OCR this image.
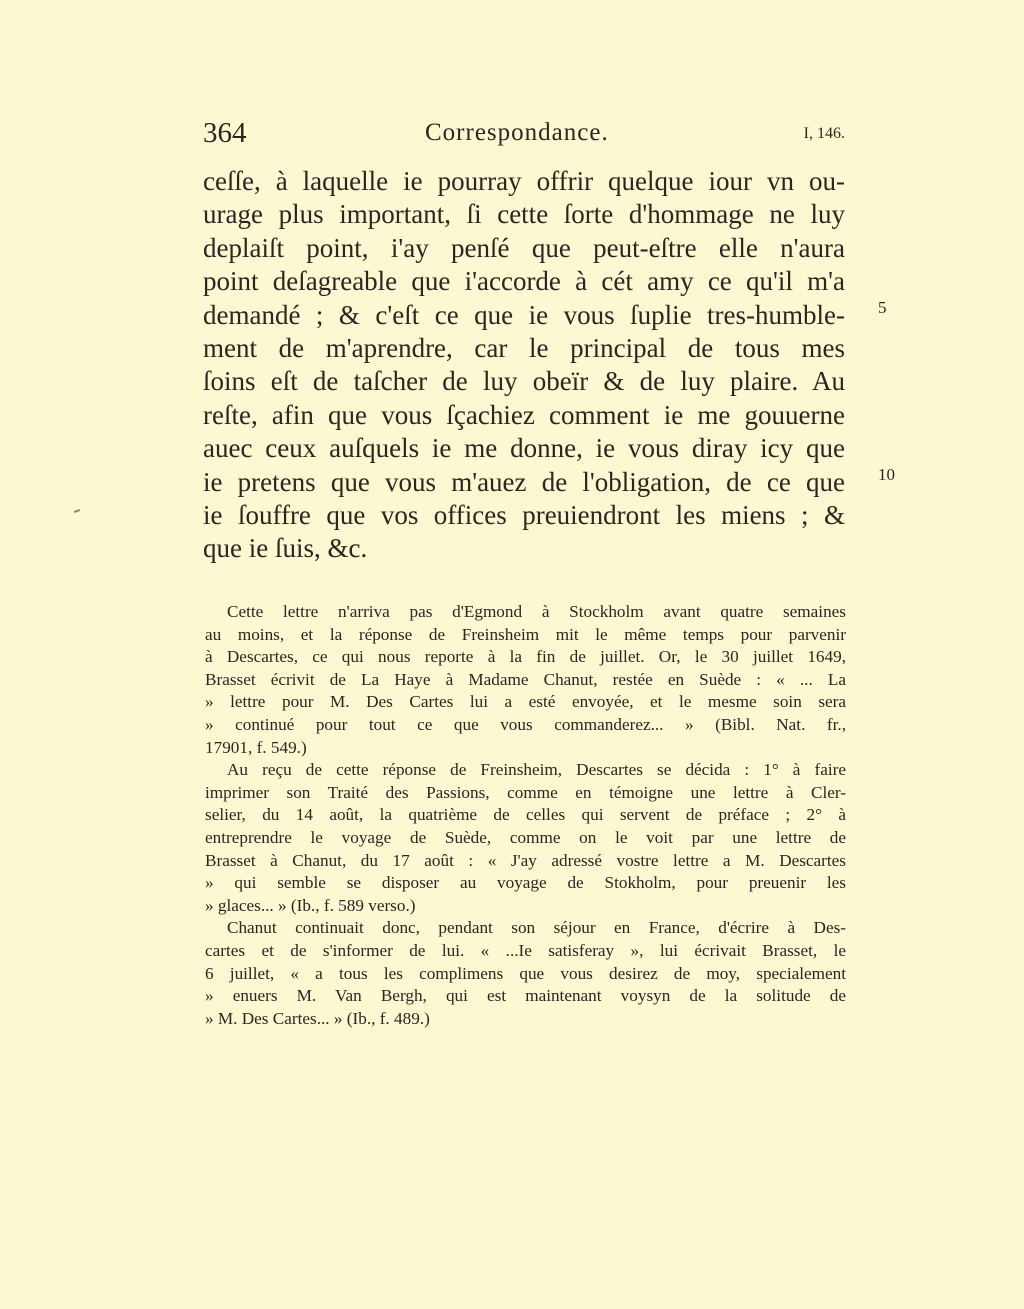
364	Correspondance.	I, 146.
ceſſe, à laquelle ie pourray offrir quelque iour vn ou-
urage plus important, ſi cette ſorte d'hommage ne luy
deplaiſt point, i'ay penſé que peut-eſtre elle n'aura
point deſagreable que i'accorde à cét amy ce qu'il m'a
demandé ; & c'eſt ce que ie vous ſuplie tres-humble-
ment de m'aprendre, car le principal de tous mes
ſoins eſt de taſcher de luy obeïr & de luy plaire. Au
reſte, afin que vous ſçachiez comment ie me gouuerne
auec ceux auſquels ie me donne, ie vous diray icy que
ie pretens que vous m'auez de l'obligation, de ce que
ie ſouffre que vos offices preuiendront les miens ; &
que ie ſuis, &c.
5
10
Cette lettre n'arriva pas d'Egmond à Stockholm avant quatre semaines
au moins, et la réponse de Freinsheim mit le même temps pour parvenir
à Descartes, ce qui nous reporte à la fin de juillet. Or, le 30 juillet 1649,
Brasset écrivit de La Haye à Madame Chanut, restée en Suède : « ... La
» lettre pour M. Des Cartes lui a esté envoyée, et le mesme soin sera
» continué pour tout ce que vous commanderez... » (Bibl. Nat. fr.,
17901, f. 549.)
Au reçu de cette réponse de Freinsheim, Descartes se décida : 1° à faire
imprimer son Traité des Passions, comme en témoigne une lettre à Cler-
selier, du 14 août, la quatrième de celles qui servent de préface ; 2° à
entreprendre le voyage de Suède, comme on le voit par une lettre de
Brasset à Chanut, du 17 août : « J'ay adressé vostre lettre a M. Descartes
» qui semble se disposer au voyage de Stokholm, pour preuenir les
» glaces... » (Ib., f. 589 verso.)
Chanut continuait donc, pendant son séjour en France, d'écrire à Des-
cartes et de s'informer de lui. « ...Ie satisferay », lui écrivait Brasset, le
6 juillet, « a tous les complimens que vous desirez de moy, specialement
» enuers M. Van Bergh, qui est maintenant voysyn de la solitude de
» M. Des Cartes... » (Ib., f. 489.)
